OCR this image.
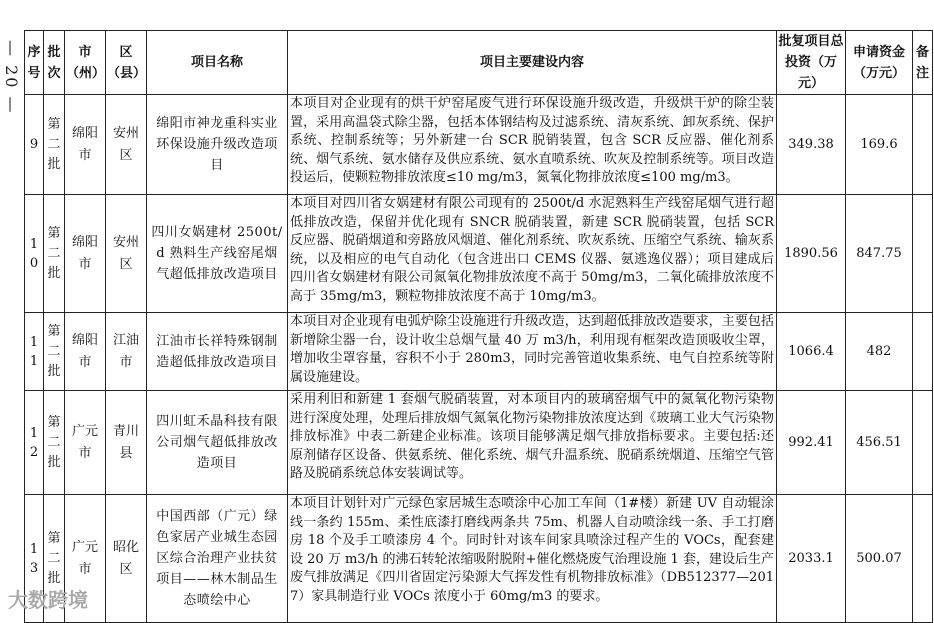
— 20 — 序号	批次	市（州）	区（县）	项目名称	项目主要建设内容	批复项目总投资（万元）	申请资金（万元）	备注
9	第二批	绵阳市	安州区	绵阳市神龙重科实业环保设施升级改造项目	本项目对企业现有的烘干炉窑尾废气进行环保设施升级改造，升级烘干炉的除尘装置，采用高温袋式除尘器，包括本体钢结构及过滤系统、清灰系统、卸灰系统、保护系统、控制系统等；另外新建一台 SCR 脱销装置，包含 SCR 反应器、催化剂系统、烟气系统、氨水储存及供应系统、氨水直喷系统、吹灰及控制系统等。项目改造投运后，使颗粒物排放浓度≤10 mg/m3，氮氧化物排放浓度≤100 mg/m3。	349.38	169.6	
10	第二批	绵阳市	安州区	四川女娲建材 2500t/d 熟料生产线窑尾烟气超低排放改造项目	本项目对四川省女娲建材有限公司现有的 2500t/d 水泥熟料生产线窑尾烟气进行超低排放改造，保留并优化现有 SNCR 脱硝装置，新建 SCR 脱硝装置，包括 SCR 反应器、脱硝烟道和旁路放风烟道、催化剂系统、吹灰系统、压缩空气系统、输灰系统，以及相应的电气自动化（包含进出口 CEMS 仪器、氨逃逸仪器）；项目建成后四川省女娲建材有限公司氮氧化物排放浓度不高于 50mg/m3，二氧化硫排放浓度不高于 35mg/m3，颗粒物排放浓度不高于 10mg/m3。	1890.56	847.75	
11	第二批	绵阳市	江油市	江油市长祥特殊钢制造超低排放改造项目	本项目对企业现有电弧炉除尘设施进行升级改造，达到超低排放改造要求，主要包括新增除尘器一台，设计收尘总烟气量 40 万 m3/h，利用现有框架改造顶吸收尘罩，增加收尘罩容量，容积不小于 280m3，同时完善管道收集系统、电气自控系统等附属设施建设。	1066.4	482	
12	第二批	广元市	青川县	四川虹禾晶科技有限公司烟气超低排放改造项目	采用利旧和新建 1 套烟气脱硝装置，对本项目内的玻璃窑烟气中的氮氧化物污染物进行深度处理，处理后排放烟气氮氧化物污染物排放浓度达到《玻璃工业大气污染物排放标准》中表二新建企业标准。该项目能够满足烟气排放指标要求。主要包括:还原剂储存区设备、供氨系统、催化系统、烟气升温系统、脱硝系统烟道、压缩空气管路及脱硝系统总体安装调试等。	992.41	456.51	
13	第二批	广元市	昭化区	中国西部（广元）绿色家居产业城生态园区综合治理产业扶贫项目——林木制品生态喷绘中心	本项目计划针对广元绿色家居城生态喷涂中心加工车间（1#楼）新建 UV 自动辊涂线一条约 155m、柔性底漆打磨线两条共 75m、机器人自动喷涂线一条、手工打磨房 18 个及手工喷漆房 4 个。同时针对该车间家具喷涂过程产生的 VOCs，配套建设 20 万 m3/h 的沸石转轮浓缩吸附脱附+催化燃烧废气治理设施 1 套，建设后生产废气排放满足《四川省固定污染源大气挥发性有机物排放标准》（DB512377—2017）家具制造行业 VOCs 浓度小于 60mg/m3 的要求。	2033.1	500.07	
大数跨境
